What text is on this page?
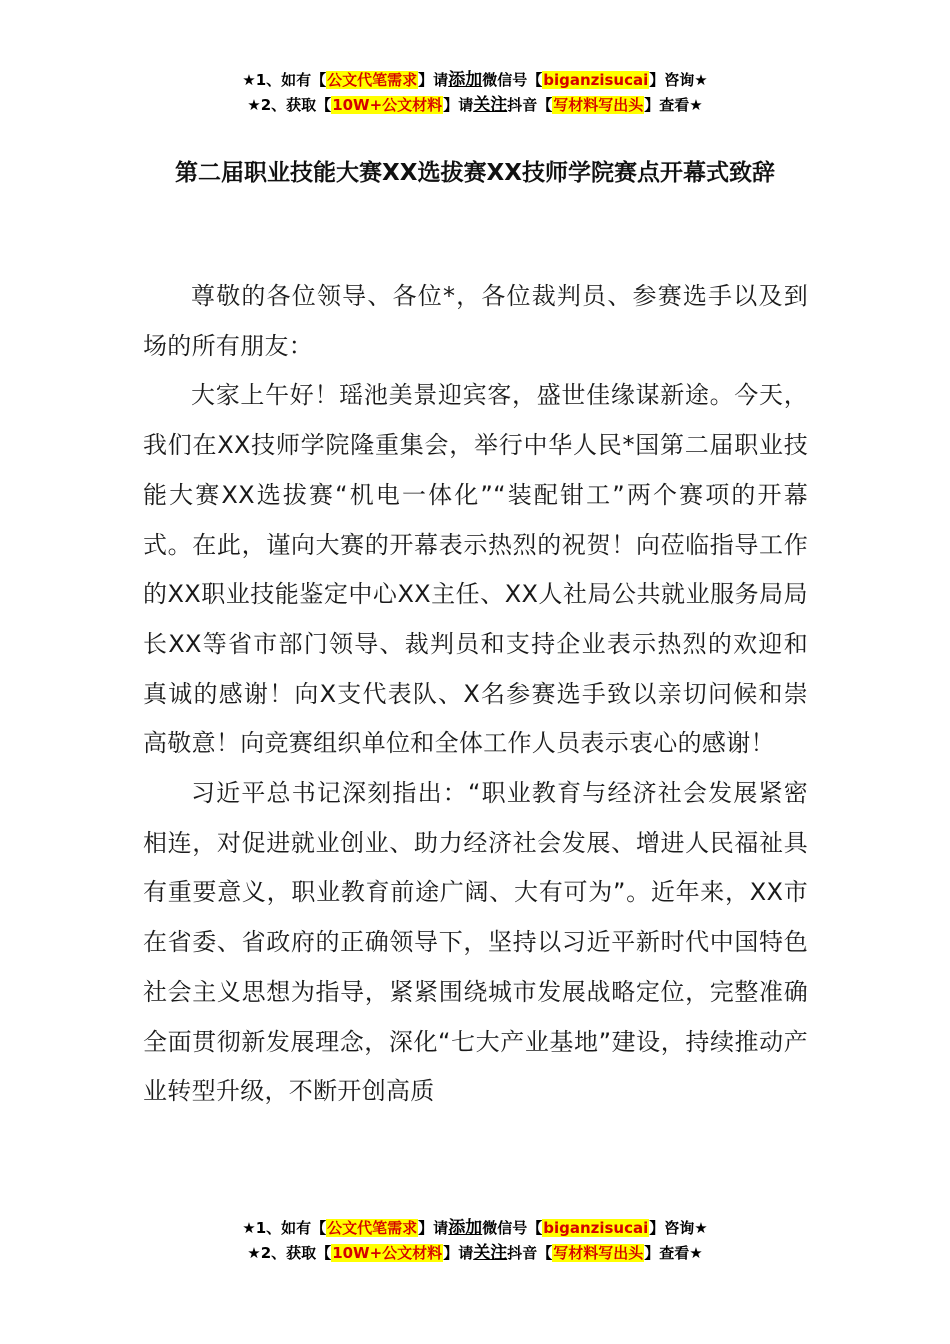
★1、如有【公文代笔需求】请添加微信号【biganzisucai】咨询★
★2、获取【10W+公文材料】请关注抖音【写材料写出头】查看★
第二届职业技能大赛XX选拔赛XX技师学院赛点开幕式致辞

尊敬的各位领导、各位*，各位裁判员、参赛选手以及到场的所有朋友：

大家上午好！瑶池美景迎宾客，盛世佳缘谋新途。今天，我们在XX技师学院隆重集会，举行中华人民*国第二届职业技能大赛XX选拔赛“机电一体化”“装配钳工”两个赛项的开幕式。在此，谨向大赛的开幕表示热烈的祝贺！向莅临指导工作的XX职业技能鉴定中心XX主任、XX人社局公共就业服务局局长XX等省市部门领导、裁判员和支持企业表示热烈的欢迎和真诚的感谢！向X支代表队、X名参赛选手致以亲切问候和崇高敬意！向竞赛组织单位和全体工作人员表示衷心的感谢！

习近平总书记深刻指出：“职业教育与经济社会发展紧密相连，对促进就业创业、助力经济社会发展、增进人民福祉具有重要意义，职业教育前途广阔、大有可为”。近年来，XX市在省委、省政府的正确领导下，坚持以习近平新时代中国特色社会主义思想为指导，紧紧围绕城市发展战略定位，完整准确全面贯彻新发展理念，深化“七大产业基地”建设，持续推动产业转型升级，不断开创高质

★1、如有【公文代笔需求】请添加微信号【biganzisucai】咨询★
★2、获取【10W+公文材料】请关注抖音【写材料写出头】查看★
